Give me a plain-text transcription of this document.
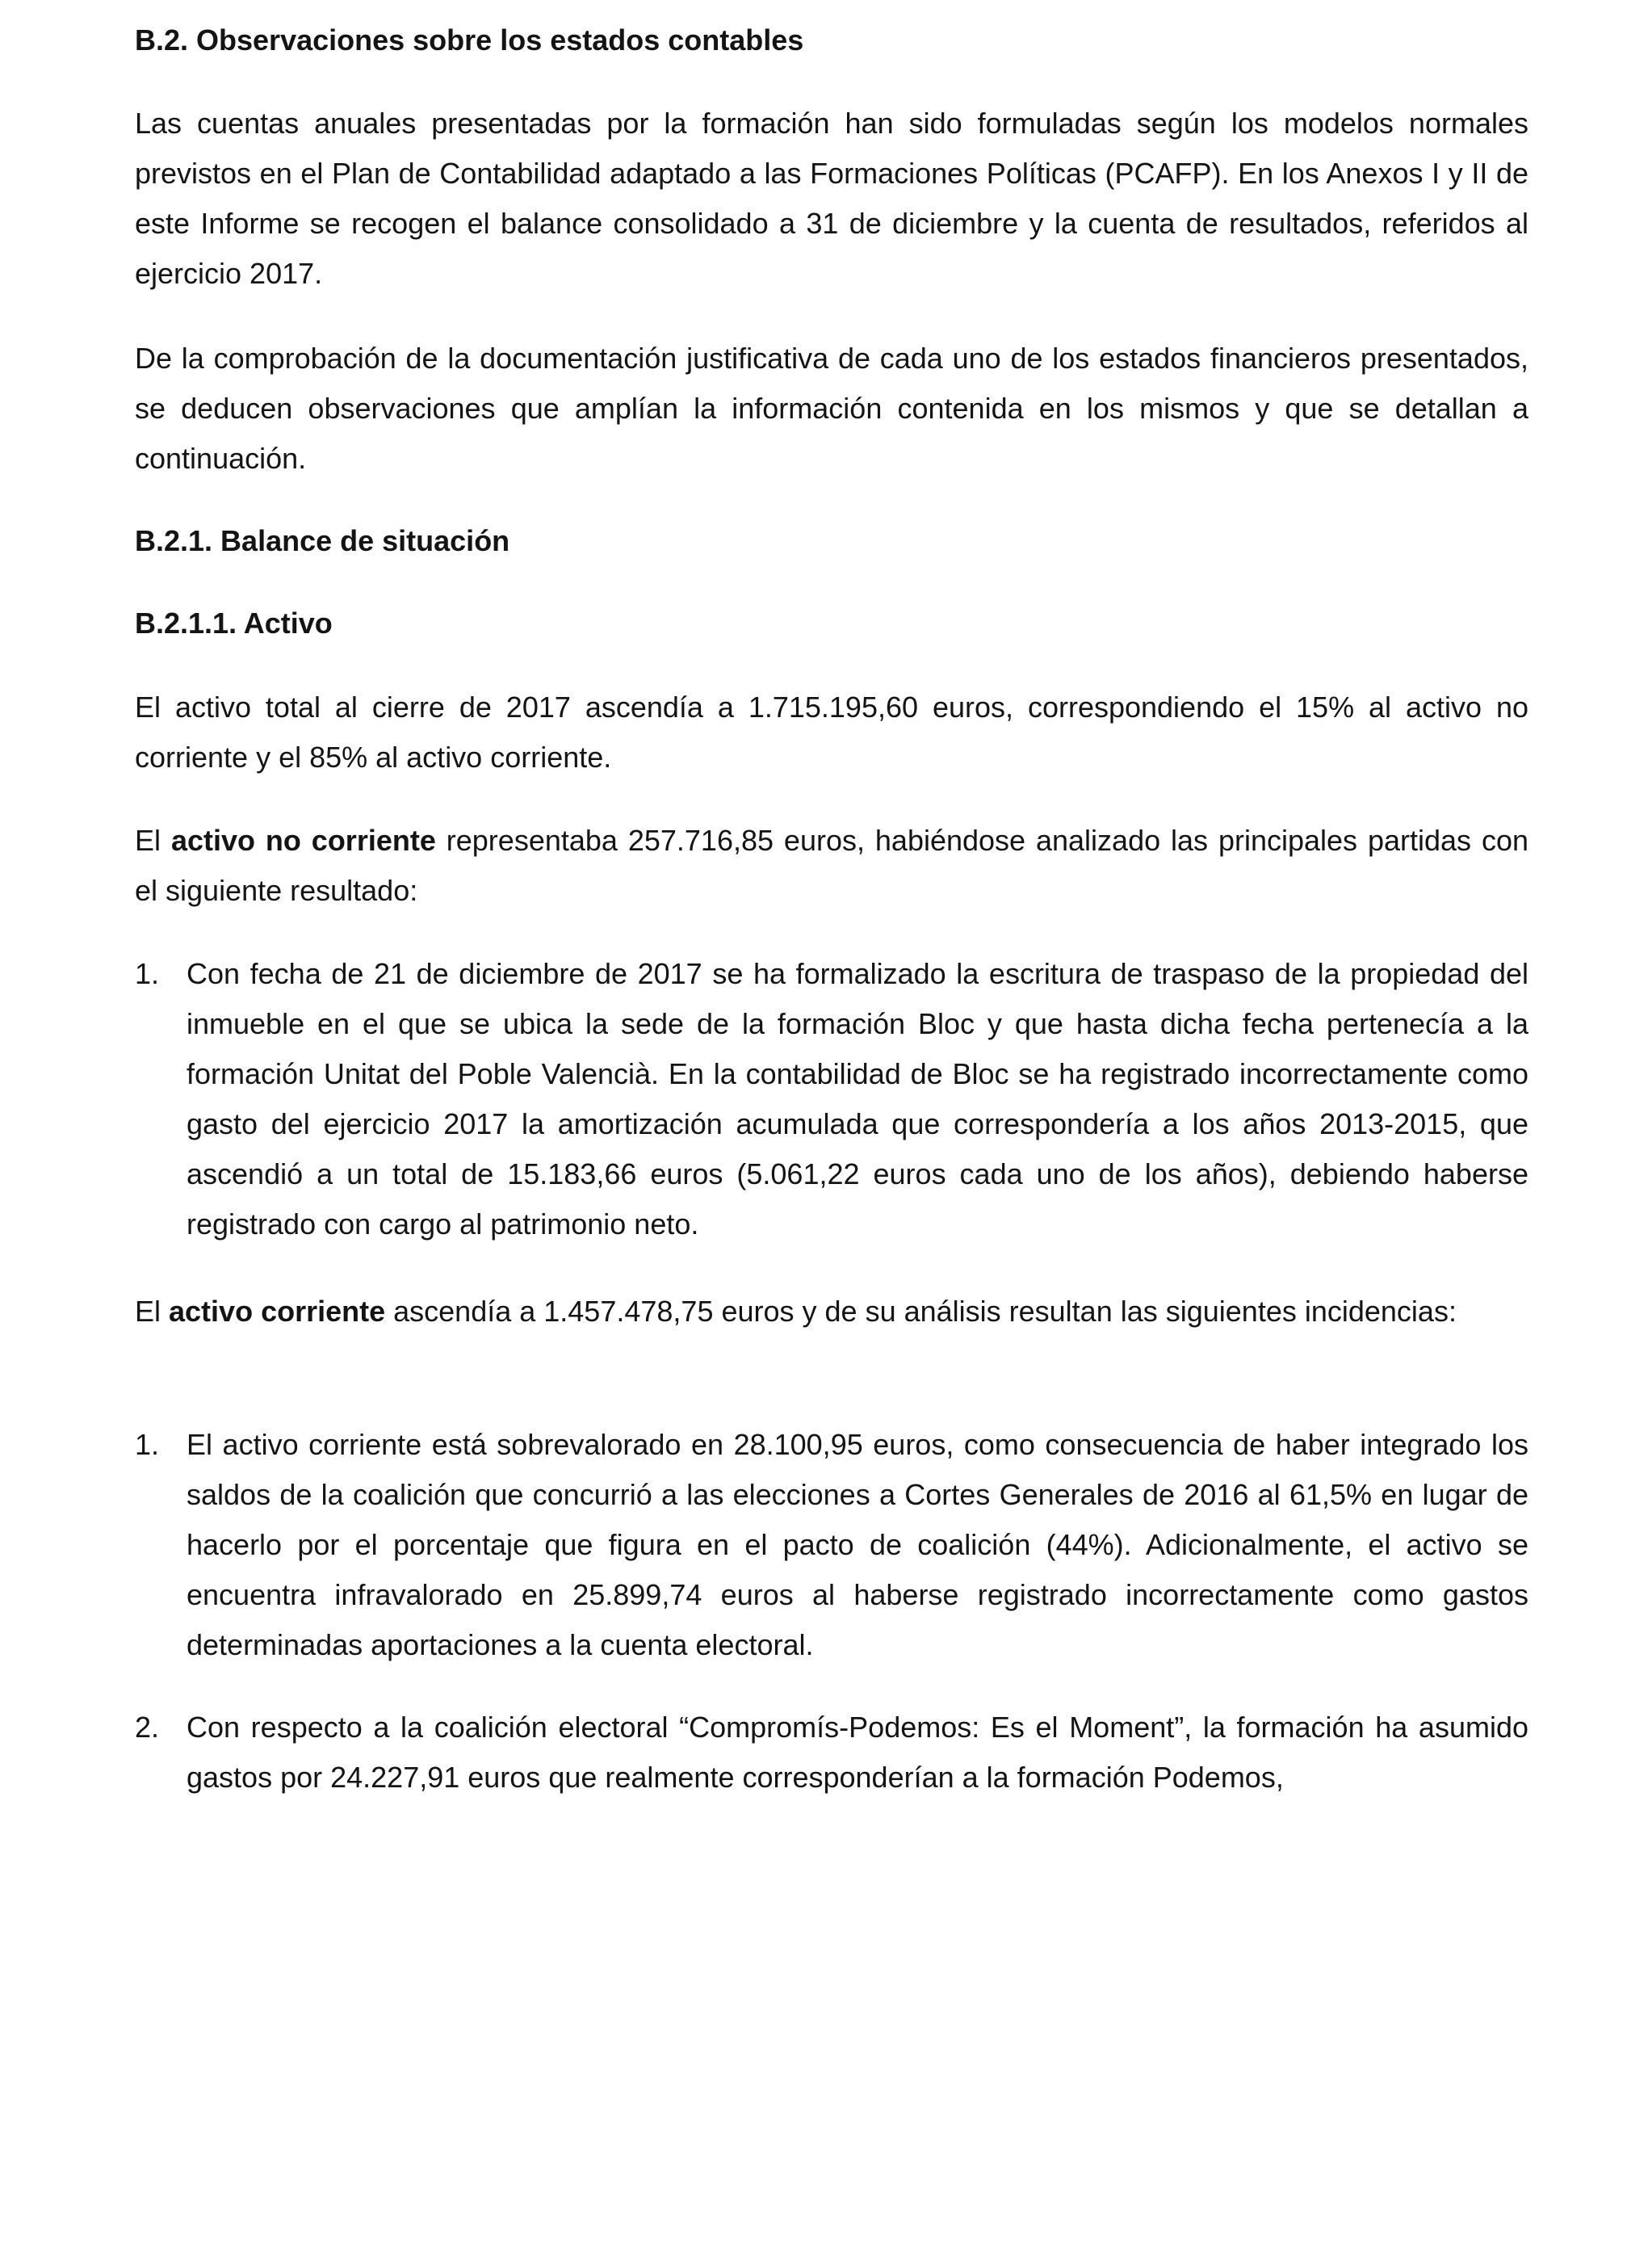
B.2. Observaciones sobre los estados contables

Las cuentas anuales presentadas por la formación han sido formuladas según los modelos normales previstos en el Plan de Contabilidad adaptado a las Formaciones Políticas (PCAFP). En los Anexos I y II de este Informe se recogen el balance consolidado a 31 de diciembre y la cuenta de resultados, referidos al ejercicio 2017.

De la comprobación de la documentación justificativa de cada uno de los estados financieros presentados, se deducen observaciones que amplían la información contenida en los mismos y que se detallan a continuación.

B.2.1. Balance de situación
B.2.1.1. Activo

El activo total al cierre de 2017 ascendía a 1.715.195,60 euros, correspondiendo el 15% al activo no corriente y el 85% al activo corriente.

El activo no corriente representaba 257.716,85 euros, habiéndose analizado las principales partidas con el siguiente resultado:

1. Con fecha de 21 de diciembre de 2017 se ha formalizado la escritura de traspaso de la propiedad del inmueble en el que se ubica la sede de la formación Bloc y que hasta dicha fecha pertenecía a la formación Unitat del Poble Valencià. En la contabilidad de Bloc se ha registrado incorrectamente como gasto del ejercicio 2017 la amortización acumulada que correspondería a los años 2013-2015, que ascendió a un total de 15.183,66 euros (5.061,22 euros cada uno de los años), debiendo haberse registrado con cargo al patrimonio neto.

El activo corriente ascendía a 1.457.478,75 euros y de su análisis resultan las siguientes incidencias:

1. El activo corriente está sobrevalorado en 28.100,95 euros, como consecuencia de haber integrado los saldos de la coalición que concurrió a las elecciones a Cortes Generales de 2016 al 61,5% en lugar de hacerlo por el porcentaje que figura en el pacto de coalición (44%). Adicionalmente, el activo se encuentra infravalorado en 25.899,74 euros al haberse registrado incorrectamente como gastos determinadas aportaciones a la cuenta electoral.
2. Con respecto a la coalición electoral “Compromís-Podemos: Es el Moment”, la formación ha asumido gastos por 24.227,91 euros que realmente corresponderían a la formación Podemos,
